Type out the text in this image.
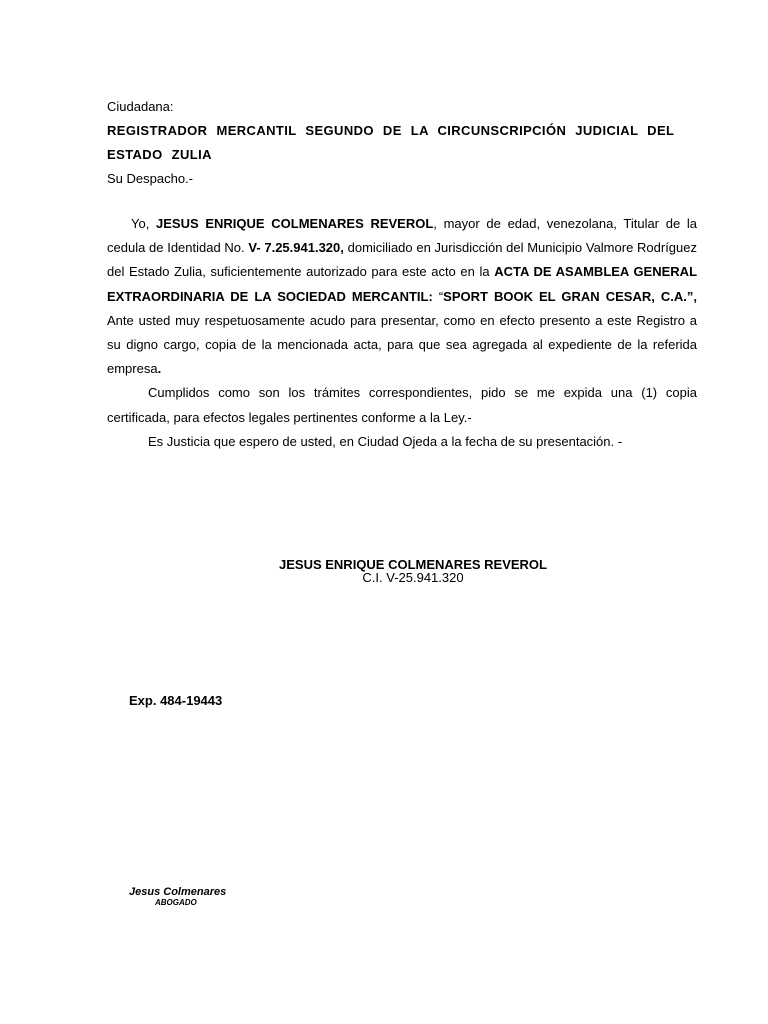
Ciudadana:

REGISTRADOR MERCANTIL SEGUNDO DE LA CIRCUNSCRIPCIÓN JUDICIAL DEL

ESTADO ZULIA

Su Despacho.-

Yo, JESUS ENRIQUE COLMENARES REVEROL, mayor de edad, venezolana, Titular de la cedula de Identidad No. V- 7.25.941.320, domiciliado en Jurisdicción del Municipio Valmore Rodríguez del Estado Zulia, suficientemente autorizado para este acto en la ACTA DE ASAMBLEA GENERAL EXTRAORDINARIA DE LA SOCIEDAD MERCANTIL: “SPORT BOOK EL GRAN CESAR, C.A.”, Ante usted muy respetuosamente acudo para presentar, como en efecto presento a este Registro a su digno cargo, copia de la mencionada acta, para que sea agregada al expediente de la referida empresa.

Cumplidos como son los trámites correspondientes, pido se me expida una (1) copia certificada, para efectos legales pertinentes conforme a la Ley.-

Es Justicia que espero de usted, en Ciudad Ojeda a la fecha de su presentación. -

JESUS ENRIQUE COLMENARES REVEROL
C.I. V-25.941.320
Exp. 484-19443
Jesus Colmenares
ABOGADO
